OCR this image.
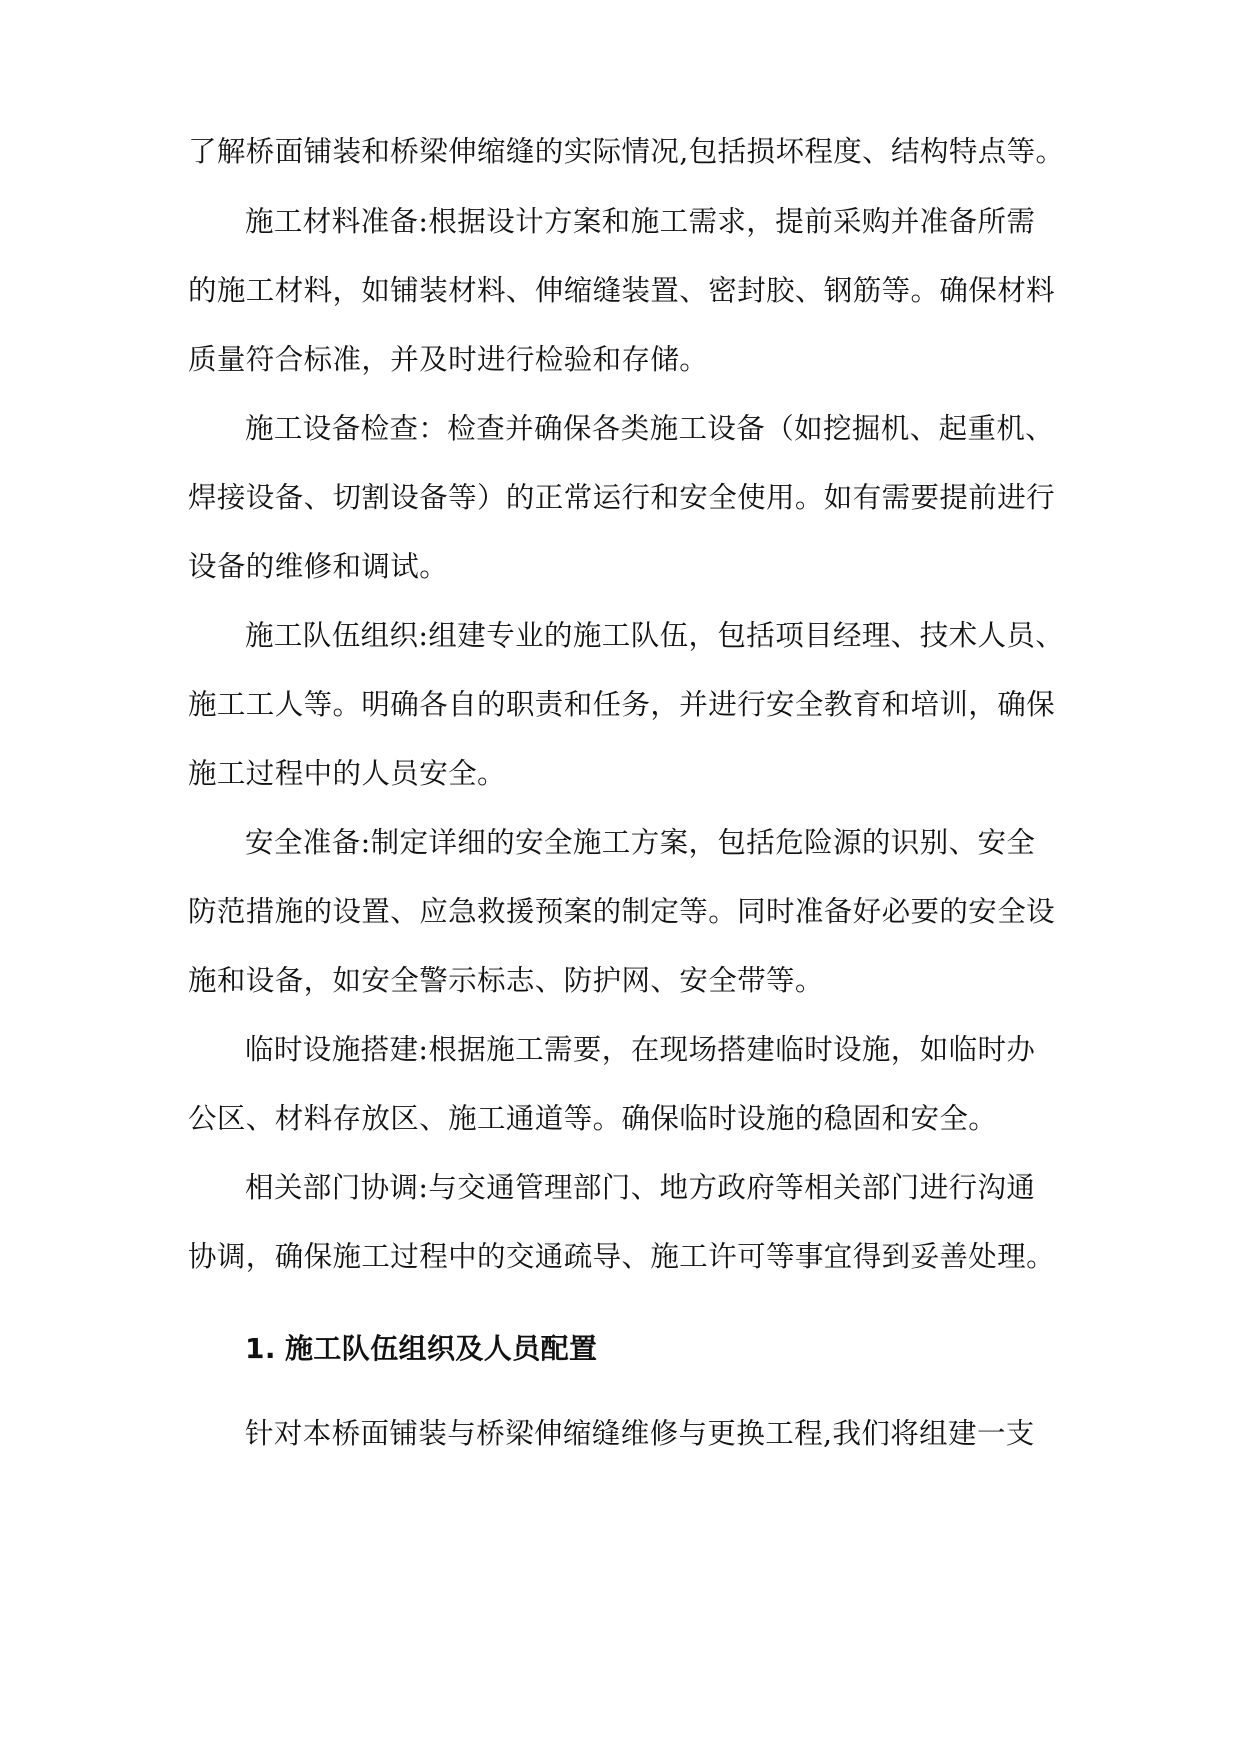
了解桥面铺装和桥梁伸缩缝的实际情况,包括损坏程度、结构特点等。
施工材料准备:根据设计方案和施工需求，提前采购并准备所需
的施工材料，如铺装材料、伸缩缝装置、密封胶、钢筋等。确保材料
质量符合标准，并及时进行检验和存储。
施工设备检查：检查并确保各类施工设备（如挖掘机、起重机、
焊接设备、切割设备等）的正常运行和安全使用。如有需要提前进行
设备的维修和调试。
施工队伍组织:组建专业的施工队伍，包括项目经理、技术人员、
施工工人等。明确各自的职责和任务，并进行安全教育和培训，确保
施工过程中的人员安全。
安全准备:制定详细的安全施工方案，包括危险源的识别、安全
防范措施的设置、应急救援预案的制定等。同时准备好必要的安全设
施和设备，如安全警示标志、防护网、安全带等。
临时设施搭建:根据施工需要，在现场搭建临时设施，如临时办
公区、材料存放区、施工通道等。确保临时设施的稳固和安全。
相关部门协调:与交通管理部门、地方政府等相关部门进行沟通
协调，确保施工过程中的交通疏导、施工许可等事宜得到妥善处理。
1. 施工队伍组织及人员配置
针对本桥面铺装与桥梁伸缩缝维修与更换工程,我们将组建一支
